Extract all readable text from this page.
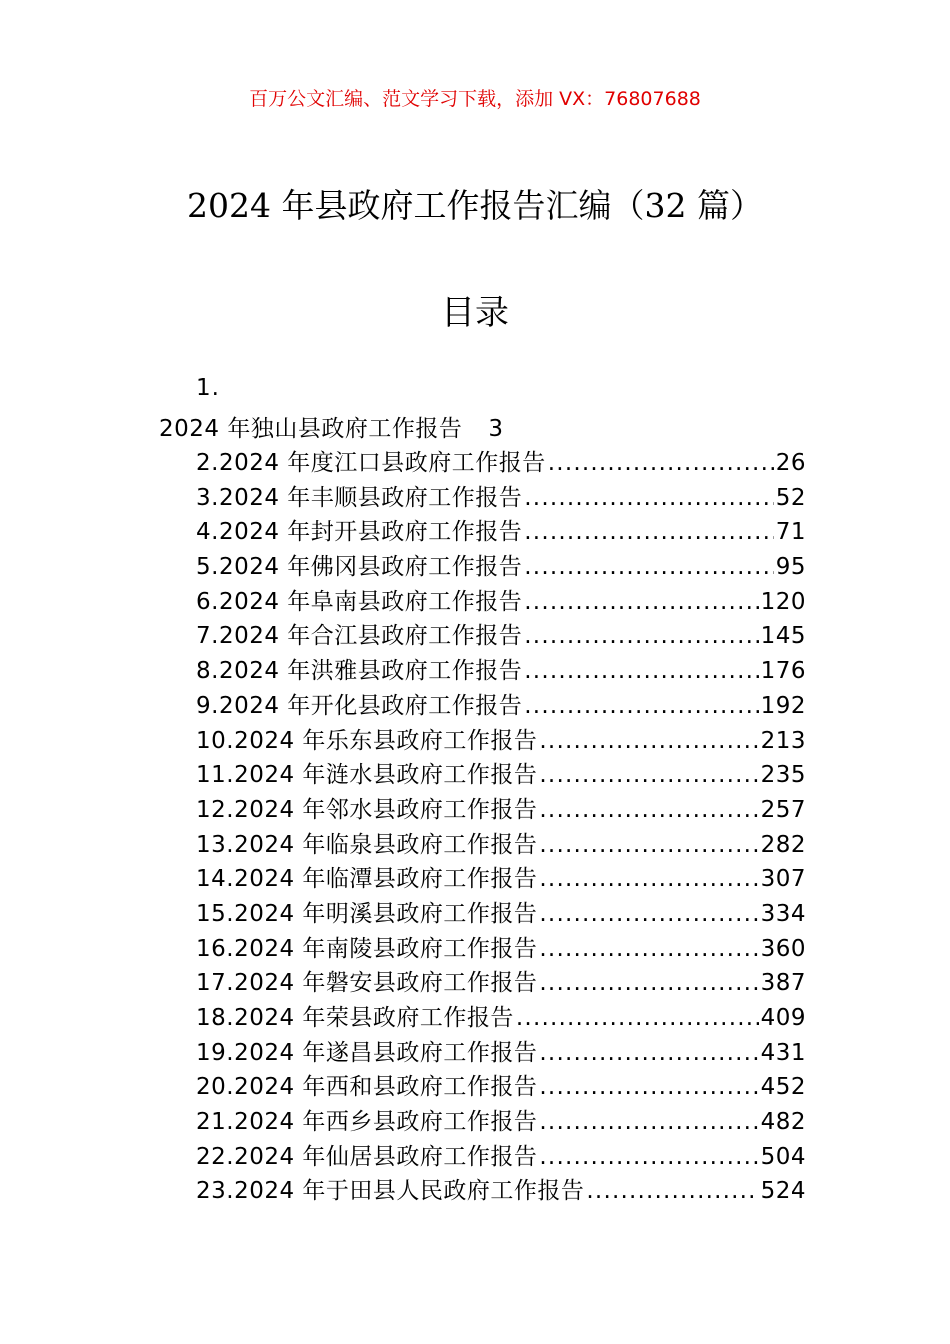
百万公文汇编、范文学习下载，添加 VX：76807688
2024 年县政府工作报告汇编（32 篇）
目录
1.
2024 年独山县政府工作报告 3
2.2024 年度江口县政府工作报告 .....	26
3.2024 年丰顺县政府工作报告 .....	52
4.2024 年封开县政府工作报告 .....	71
5.2024 年佛冈县政府工作报告 .....	95
6.2024 年阜南县政府工作报告 .....	120
7.2024 年合江县政府工作报告 .....	145
8.2024 年洪雅县政府工作报告 .....	176
9.2024 年开化县政府工作报告 .....	192
10.2024 年乐东县政府工作报告 .....	213
11.2024 年涟水县政府工作报告 .....	235
12.2024 年邻水县政府工作报告 .....	257
13.2024 年临泉县政府工作报告 .....	282
14.2024 年临潭县政府工作报告 .....	307
15.2024 年明溪县政府工作报告 .....	334
16.2024 年南陵县政府工作报告 .....	360
17.2024 年磐安县政府工作报告 .....	387
18.2024 年荣县政府工作报告 .....	409
19.2024 年遂昌县政府工作报告 .....	431
20.2024 年西和县政府工作报告 .....	452
21.2024 年西乡县政府工作报告 .....	482
22.2024 年仙居县政府工作报告 .....	504
23.2024 年于田县人民政府工作报告 .....	524
